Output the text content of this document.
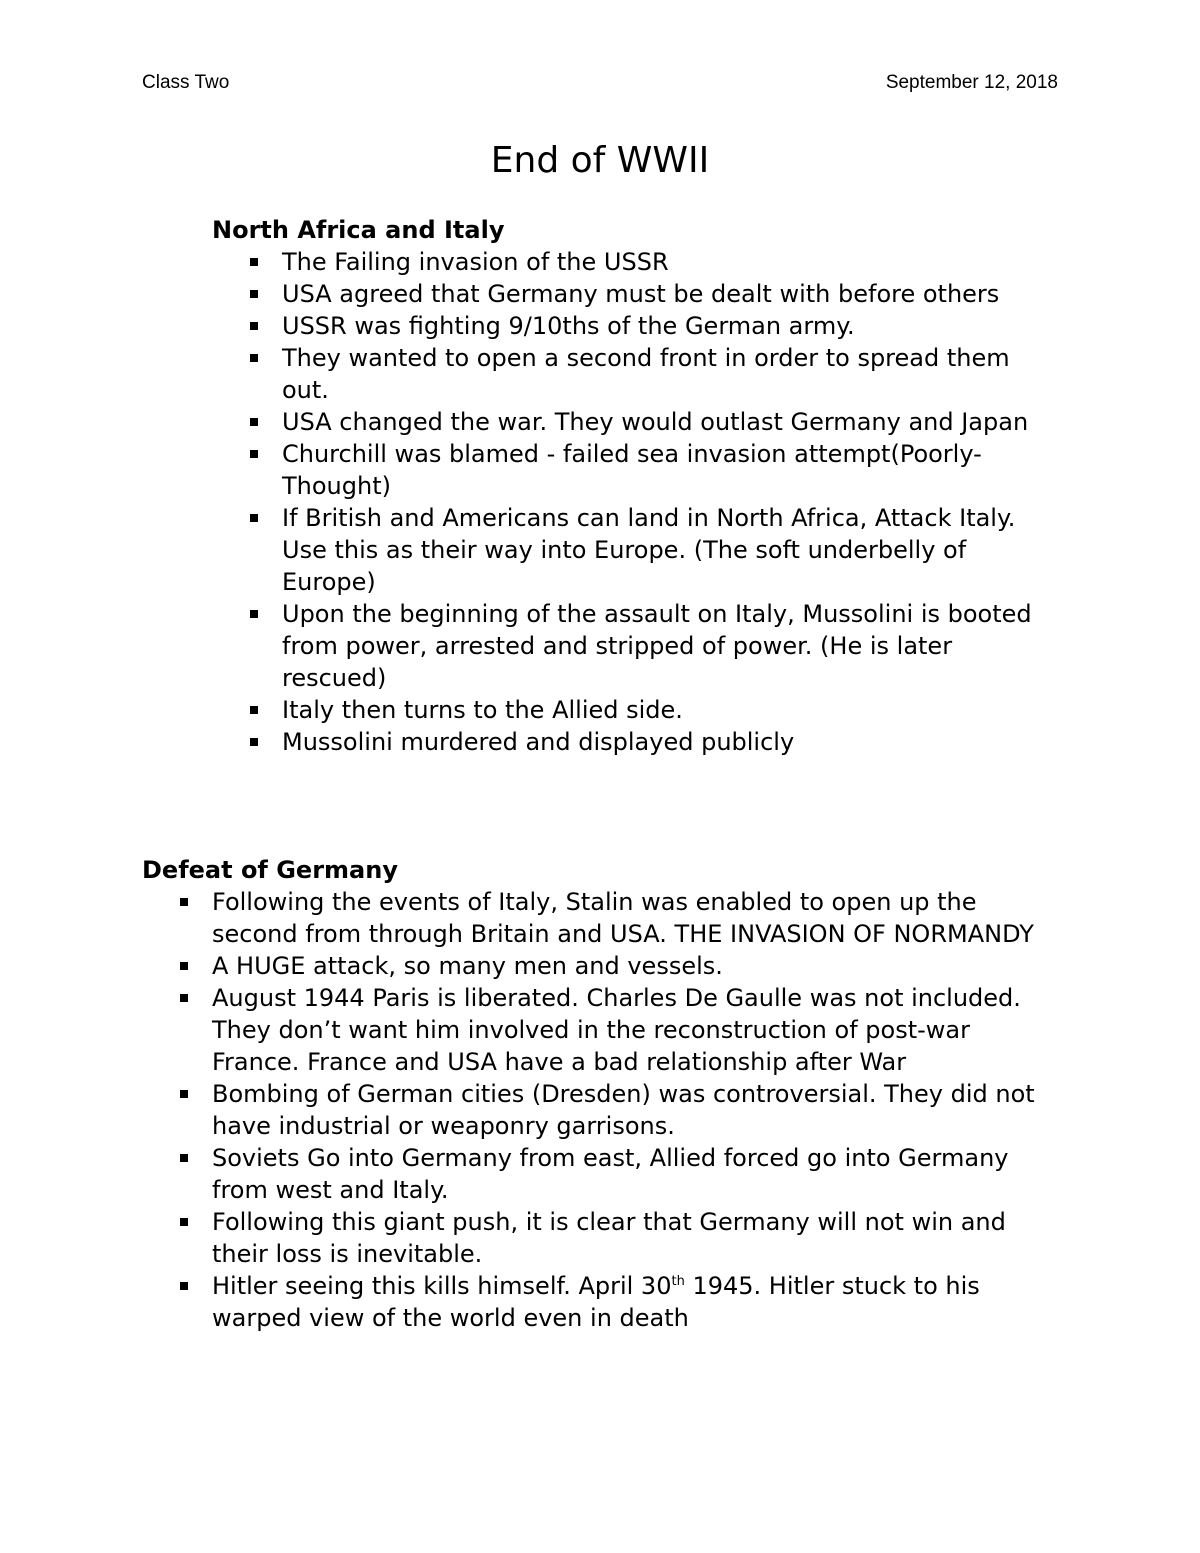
Class Two	September 12, 2018
End of WWII
North Africa and Italy
The Failing invasion of the USSR
USA agreed that Germany must be dealt with before others
USSR was fighting 9/10ths of the German army.
They wanted to open a second front in order to spread them out.
USA changed the war. They would outlast Germany and Japan
Churchill was blamed - failed sea invasion attempt(Poorly-Thought)
If British and Americans can land in North Africa, Attack Italy. Use this as their way into Europe. (The soft underbelly of Europe)
Upon the beginning of the assault on Italy, Mussolini is booted from power, arrested and stripped of power. (He is later rescued)
Italy then turns to the Allied side.
Mussolini murdered and displayed publicly
Defeat of Germany
Following the events of Italy, Stalin was enabled to open up the second from through Britain and USA. THE INVASION OF NORMANDY
A HUGE attack, so many men and vessels.
August 1944 Paris is liberated. Charles De Gaulle was not included. They don’t want him involved in the reconstruction of post-war France. France and USA have a bad relationship after War
Bombing of German cities (Dresden) was controversial. They did not have industrial or weaponry garrisons.
Soviets Go into Germany from east, Allied forced go into Germany from west and Italy.
Following this giant push, it is clear that Germany will not win and their loss is inevitable.
Hitler seeing this kills himself. April 30th 1945. Hitler stuck to his warped view of the world even in death
